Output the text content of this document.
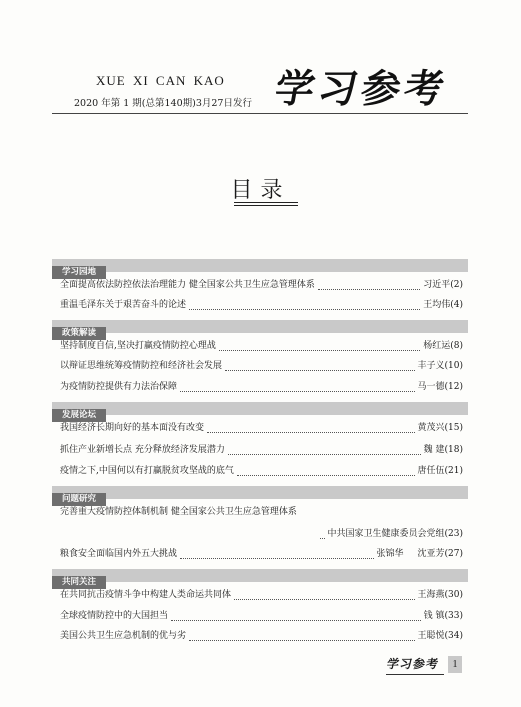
XUE XI CAN KAO
2020 年第 1 期(总第140期)3月27日发行 学习参考
目录
学习园地
全面提高依法防控依法治理能力 健全国家公共卫生应急管理体系	习近平(2)
重温毛泽东关于艰苦奋斗的论述	王均伟(4)
政策解读
坚持制度自信,坚决打赢疫情防控心理战	杨红运(8)
以辩证思维统筹疫情防控和经济社会发展	丰子义(10)
为疫情防控提供有力法治保障	马一德(12)
发展论坛
我国经济长期向好的基本面没有改变	黄茂兴(15)
抓住产业新增长点 充分释放经济发展潜力	魏 建(18)
疫情之下,中国何以有打赢脱贫攻坚战的底气	唐任伍(21)
问题研究
完善重大疫情防控体制机制 健全国家公共卫生应急管理体系
中共国家卫生健康委员会党组(23)
粮食安全面临国内外五大挑战	张锦华 沈亚芳(27)
共同关注
在共同抗击疫情斗争中构建人类命运共同体	王海燕(30)
全球疫情防控中的大国担当	钱 镇(33)
美国公共卫生应急机制的优与劣	王聪悦(34)
学习参考	1
